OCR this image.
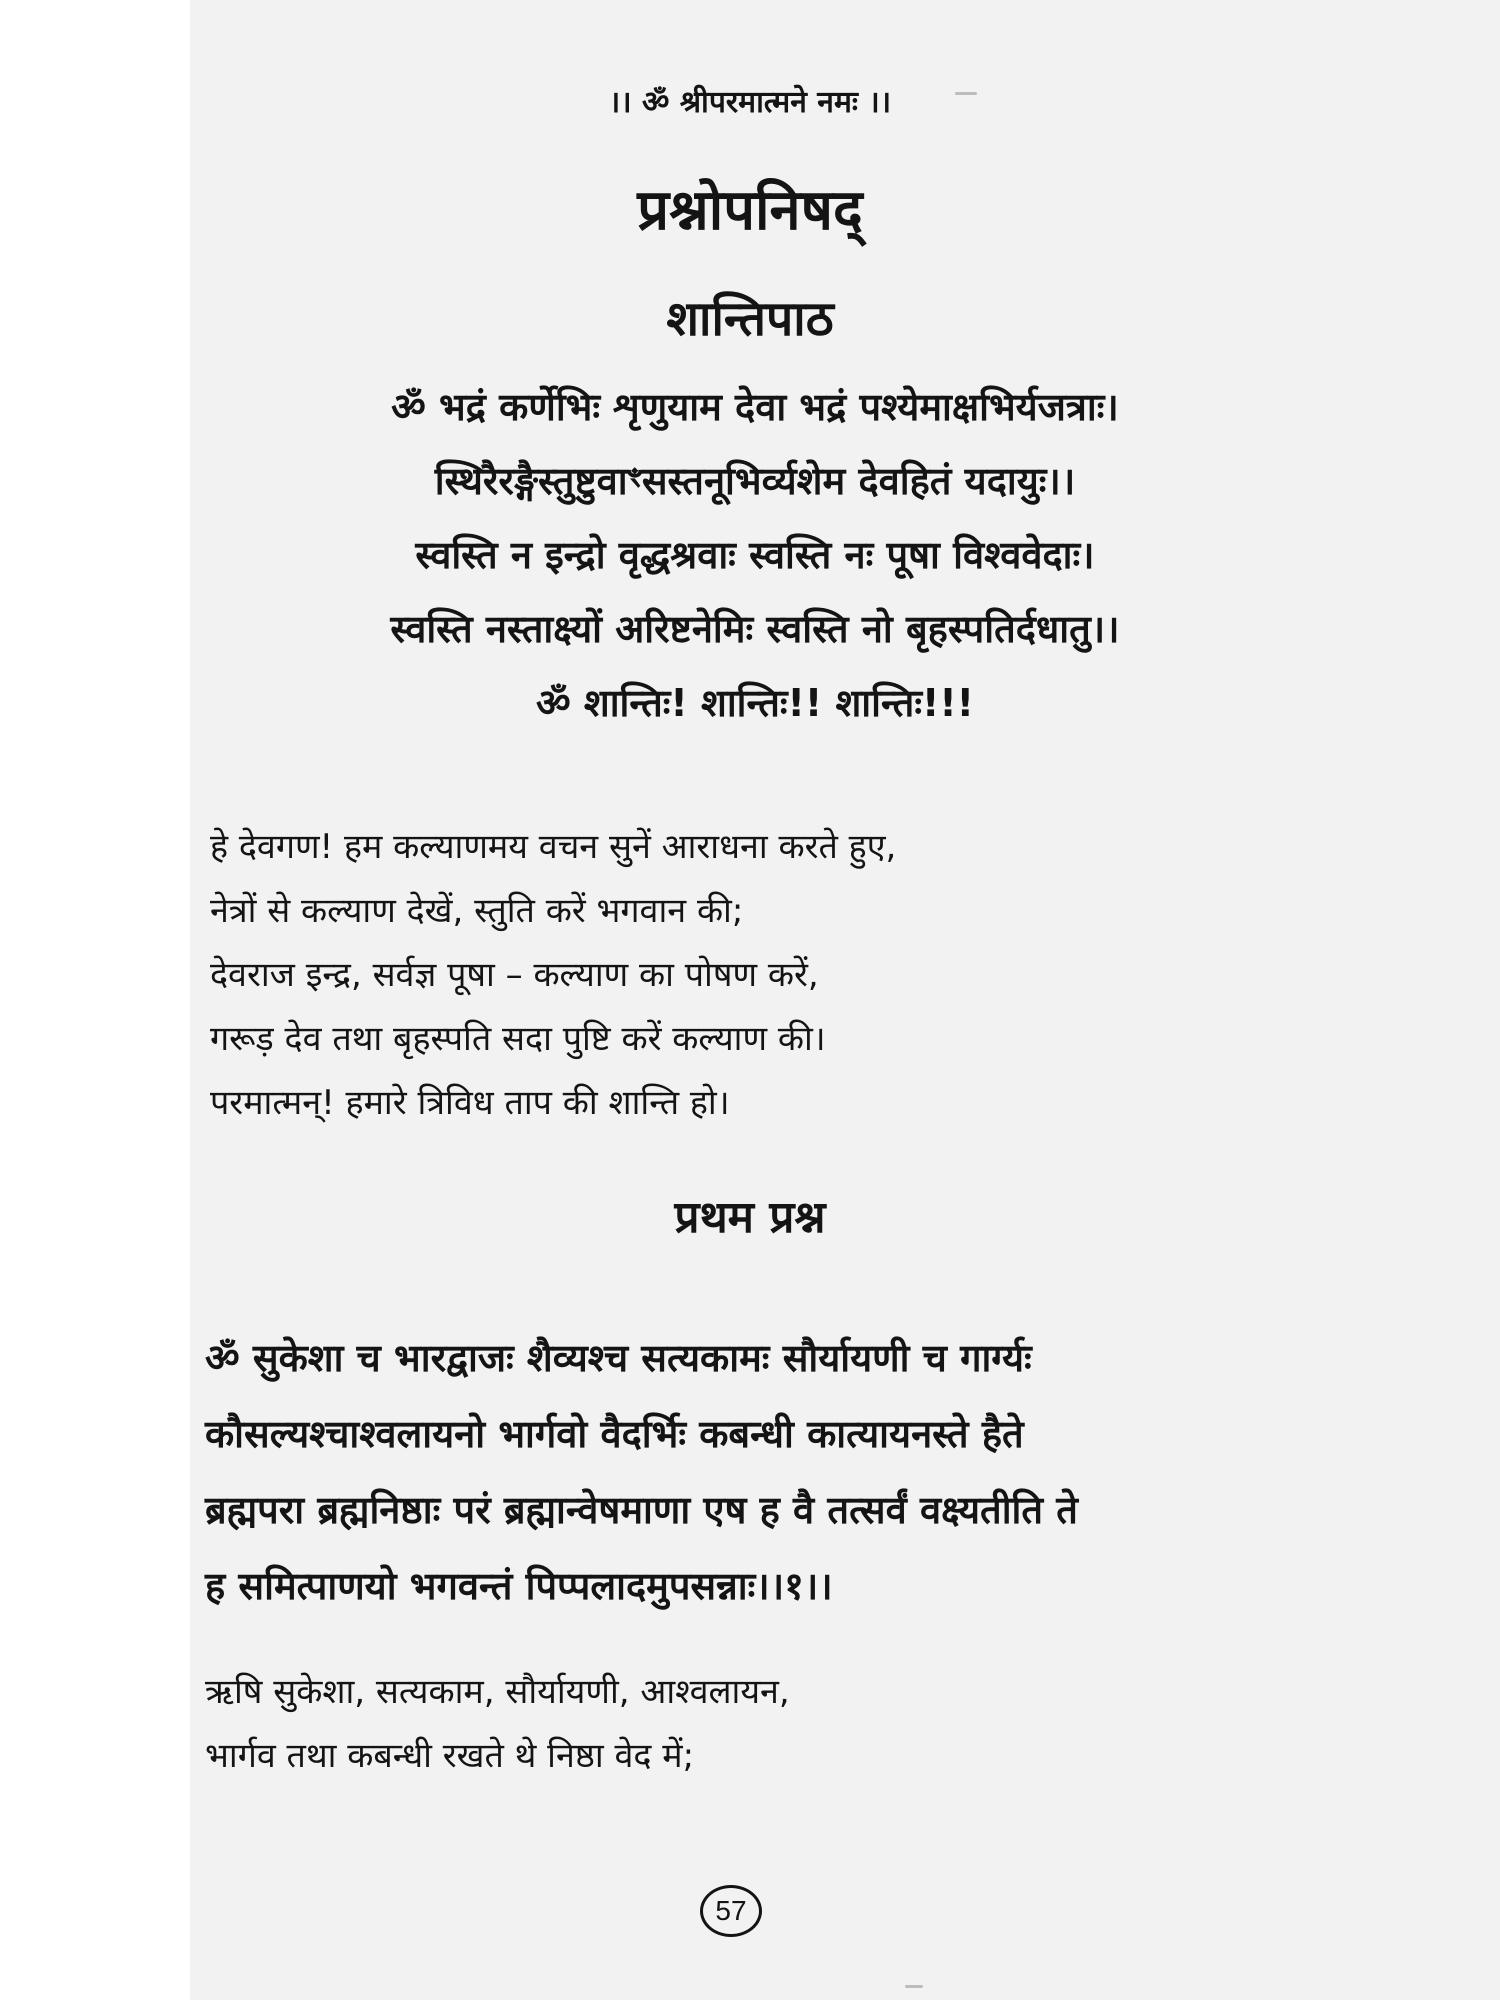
।। ॐ श्रीपरमात्मने नमः ।।
प्रश्नोपनिषद्
शान्तिपाठ
ॐ भद्रं कर्णेभिः शृणुयाम देवा भद्रं पश्येमाक्षभिर्यजत्राः।
स्थिरैरङ्गैस्तुष्टुवाꣳसस्तनूभिर्व्यशेम देवहितं यदायुः।।
स्वस्ति न इन्द्रो वृद्धश्रवाः स्वस्ति नः पूषा विश्ववेदाः।
स्वस्ति नस्ताक्ष्यों अरिष्टनेमिः स्वस्ति नो बृहस्पतिर्दधातु।।
ॐ शान्तिः! शान्तिः!! शान्तिः!!!
हे देवगण! हम कल्याणमय वचन सुनें आराधना करते हुए,
नेत्रों से कल्याण देखें, स्तुति करें भगवान की;
देवराज इन्द्र, सर्वज्ञ पूषा – कल्याण का पोषण करें,
गरूड़ देव तथा बृहस्पति सदा पुष्टि करें कल्याण की।
परमात्मन्! हमारे त्रिविध ताप की शान्ति हो।
प्रथम प्रश्न
ॐ सुकेशा च भारद्वाजः शैव्यश्च सत्यकामः सौर्यायणी च गार्ग्यः
कौसल्यश्चाश्वलायनो भार्गवो वैदर्भिः कबन्धी कात्यायनस्ते हैते
ब्रह्मपरा ब्रह्मनिष्ठाः परं ब्रह्मान्वेषमाणा एष ह वै तत्सर्वं वक्ष्यतीति ते
ह समित्पाणयो भगवन्तं पिप्पलादमुपसन्नाः।।१।।
ऋषि सुकेशा, सत्यकाम, सौर्यायणी, आश्वलायन,
भार्गव तथा कबन्धी रखते थे निष्ठा वेद में;
57
